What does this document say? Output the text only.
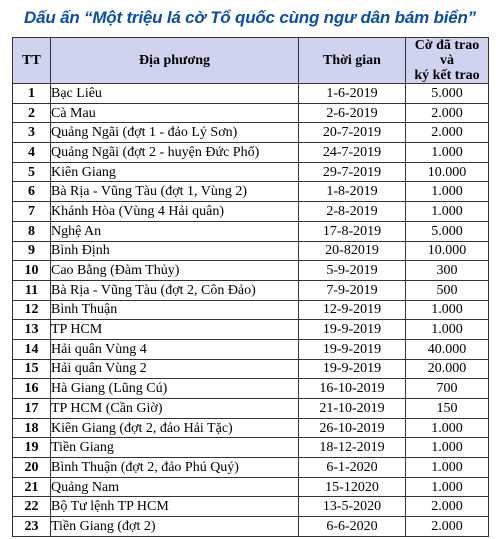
Dấu ấn “Một triệu lá cờ Tổ quốc cùng ngư dân bám biển”
TT	Địa phương	Thời gian	Cờ đã trao và
ký kết trao
1	Bạc Liêu	1-6-2019	5.000
2	Cà Mau	2-6-2019	2.000
3	Quảng Ngãi (đợt 1 - đảo Lý Sơn)	20-7-2019	2.000
4	Quảng Ngãi (đợt 2 - huyện Đức Phổ)	24-7-2019	1.000
5	Kiên Giang	29-7-2019	10.000
6	Bà Rịa - Vũng Tàu (đợt 1, Vùng 2)	1-8-2019	1.000
7	Khánh Hòa (Vùng 4 Hải quân)	2-8-2019	1.000
8	Nghệ An	17-8-2019	5.000
9	Bình Định	20-82019	10.000
10	Cao Bằng (Đàm Thủy)	5-9-2019	300
11	Bà Rịa - Vũng Tàu (đợt 2, Côn Đảo)	7-9-2019	500
12	Bình Thuận	12-9-2019	1.000
13	TP HCM	19-9-2019	1.000
14	Hải quân Vùng 4	19-9-2019	40.000
15	Hải quân Vùng 2	19-9-2019	20.000
16	Hà Giang (Lũng Cú)	16-10-2019	700
17	TP HCM (Cần Giờ)	21-10-2019	150
18	Kiên Giang (đợt 2, đảo Hải Tặc)	26-10-2019	1.000
19	Tiền Giang	18-12-2019	1.000
20	Bình Thuận (đợt 2, đảo Phú Quý)	6-1-2020	1.000
21	Quảng Nam	15-12020	1.000
22	Bộ Tư lệnh TP HCM	13-5-2020	2.000
23	Tiền Giang (đợt 2)	6-6-2020	2.000
